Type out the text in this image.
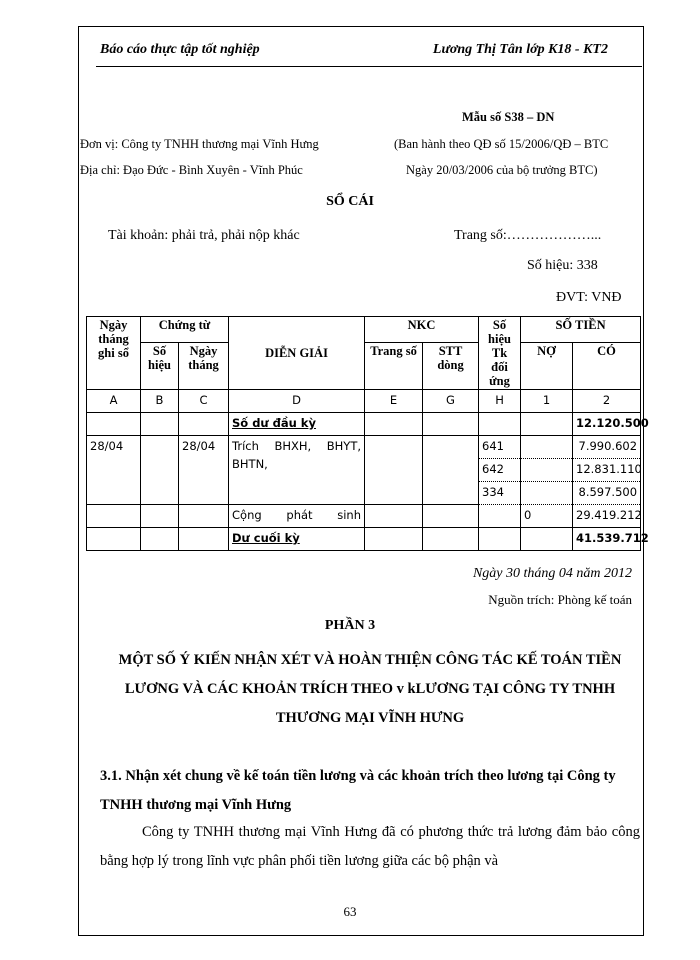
Báo cáo thực tập tốt nghiệp	Lương Thị Tân lớp K18 - KT2
Mẫu số S38 – DN
Đơn vị: Công ty TNHH thương mại Vĩnh Hưng	(Ban hành theo QĐ số 15/2006/QĐ – BTC
Địa chỉ: Đạo Đức - Bình Xuyên - Vĩnh Phúc	Ngày 20/03/2006 của bộ trưởng BTC)
SỔ CÁI
Tài khoản: phải trả, phải nộp khác	Trang số:………………...
Số hiệu: 338
ĐVT: VNĐ
Ngày tháng ghi sổ	Chứng từ		DIỄN GIẢI	NKC		Số hiệu Tk đối ứng	SỐ TIỀN	
	Số hiệu	Ngày tháng		Trang số	STT dòng		NỢ	CÓ
A	B	C	D	E	G	H	1	2
			Số dư đầu kỳ					12.120.500
28/04		28/04	Trích BHXH, BHYT, BHTN,			641		7.990.602
						642		12.831.110
						334		8.597.500
			Cộng phát sinh				0	29.419.212
			Dư cuối kỳ					41.539.712
Ngày 30 tháng 04 năm 2012
Nguồn trích: Phòng kế toán
PHẦN 3
MỘT SỐ Ý KIẾN NHẬN XÉT VÀ HOÀN THIỆN CÔNG TÁC KẾ TOÁN TIỀN LƯƠNG VÀ CÁC KHOẢN TRÍCH THEO v kLƯƠNG TẠI CÔNG TY TNHH THƯƠNG MẠI VĨNH HƯNG
3.1. Nhận xét chung về kế toán tiền lương và các khoản trích theo lương tại Công ty TNHH thương mại Vĩnh Hưng
Công ty TNHH thương mại Vĩnh Hưng đã có phương thức trả lương đảm bảo công bằng hợp lý trong lĩnh vực phân phối tiền lương giữa các bộ phận và
63
